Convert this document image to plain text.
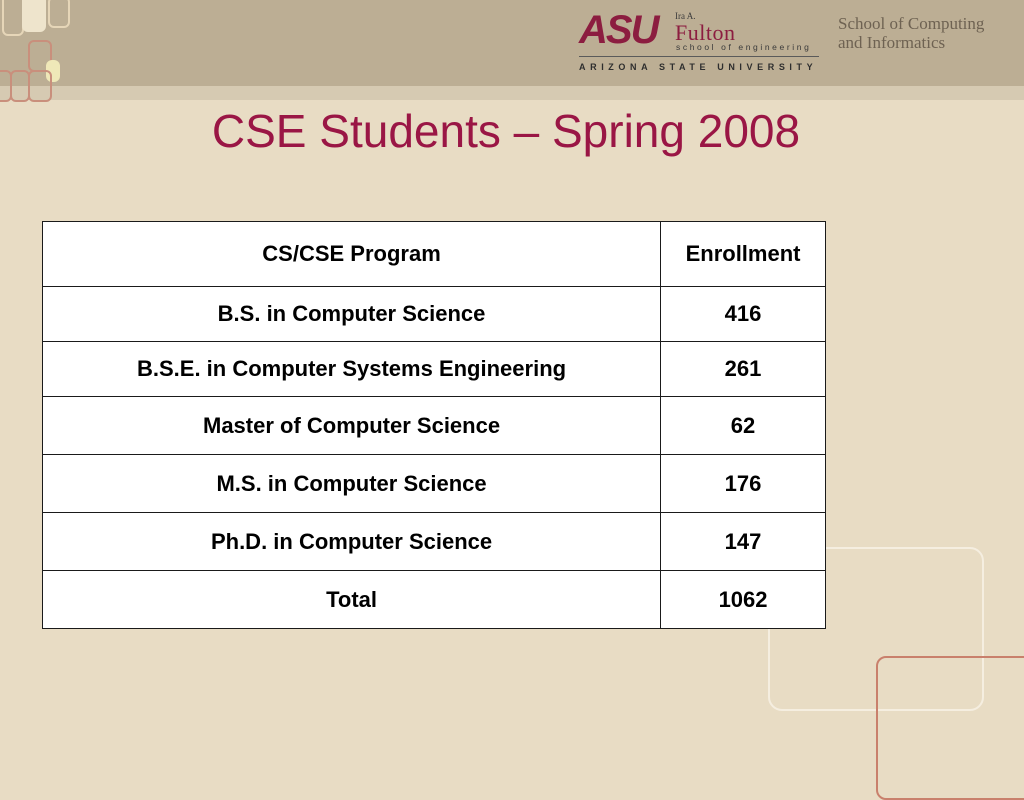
ASU Ira A.
Fulton
school of engineering
ARIZONA STATE UNIVERSITY
School of Computing
and Informatics
CSE Students – Spring 2008
CS/CSE Program	Enrollment
B.S. in Computer Science	416
B.S.E. in Computer Systems Engineering	261
Master of Computer Science	62
M.S. in Computer Science	176
Ph.D. in Computer Science	147
Total	1062
